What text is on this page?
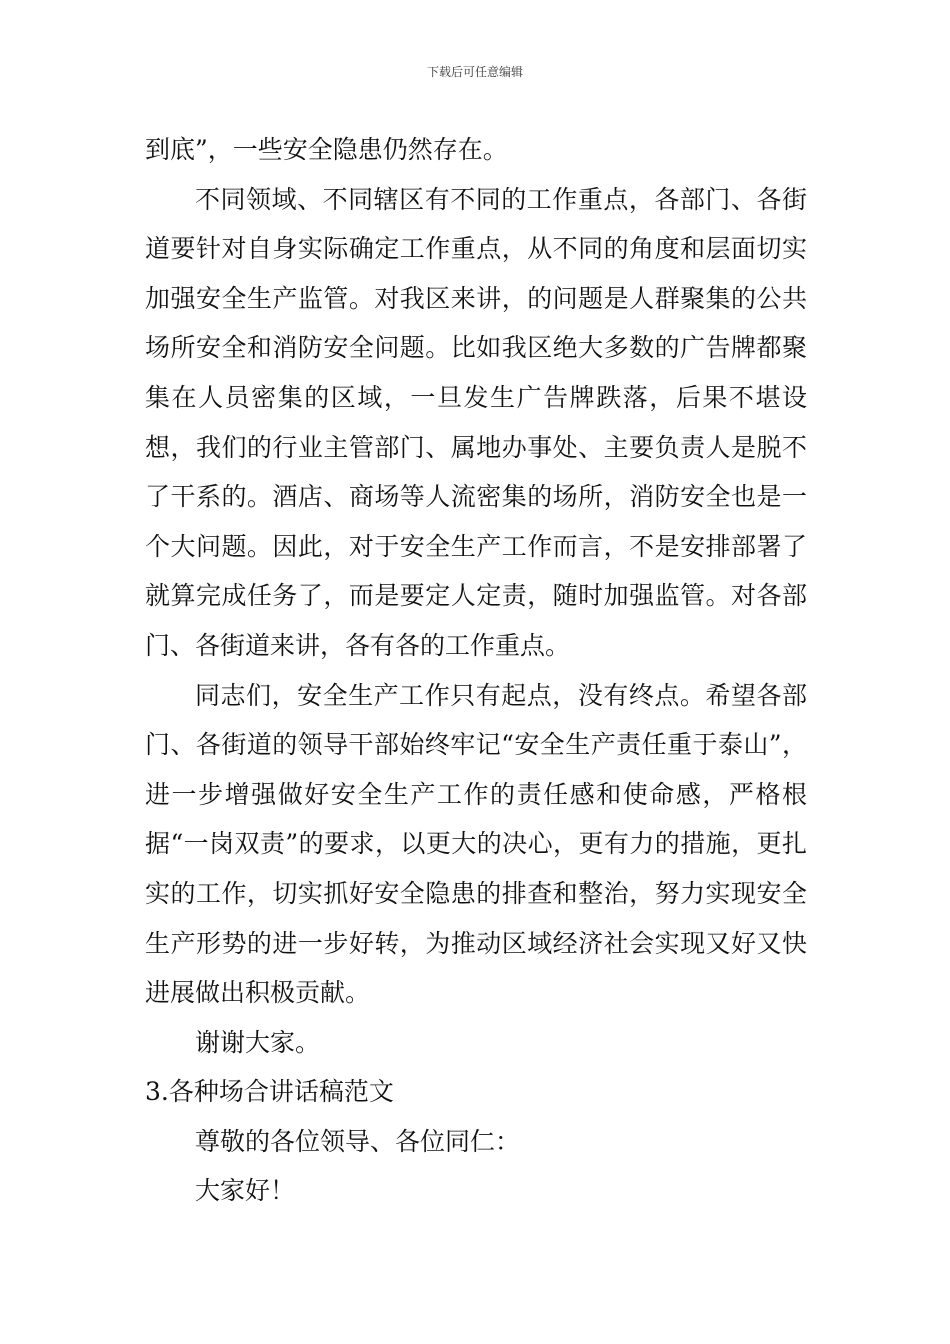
下载后可任意编辑

到底”，一些安全隐患仍然存在。

不同领域、不同辖区有不同的工作重点，各部门、各街道要针对自身实际确定工作重点，从不同的角度和层面切实加强安全生产监管。对我区来讲，的问题是人群聚集的公共场所安全和消防安全问题。比如我区绝大多数的广告牌都聚集在人员密集的区域，一旦发生广告牌跌落，后果不堪设想，我们的行业主管部门、属地办事处、主要负责人是脱不了干系的。酒店、商场等人流密集的场所，消防安全也是一个大问题。因此，对于安全生产工作而言，不是安排部署了就算完成任务了，而是要定人定责，随时加强监管。对各部门、各街道来讲，各有各的工作重点。

同志们，安全生产工作只有起点，没有终点。希望各部门、各街道的领导干部始终牢记“安全生产责任重于泰山”，进一步增强做好安全生产工作的责任感和使命感，严格根据“一岗双责”的要求，以更大的决心，更有力的措施，更扎实的工作，切实抓好安全隐患的排查和整治，努力实现安全生产形势的进一步好转，为推动区域经济社会实现又好又快进展做出积极贡献。

谢谢大家。

3.各种场合讲话稿范文

尊敬的各位领导、各位同仁：

大家好！
